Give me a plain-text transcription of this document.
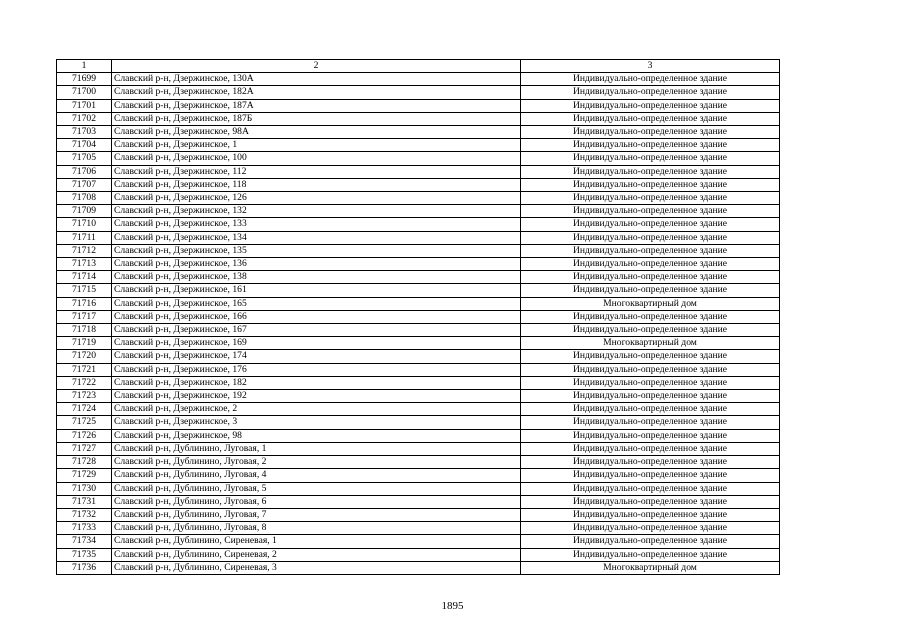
1	2	3
71699	Славский р-н, Дзержинское, 130А	Индивидуально-определенное здание
71700	Славский р-н, Дзержинское, 182А	Индивидуально-определенное здание
71701	Славский р-н, Дзержинское, 187А	Индивидуально-определенное здание
71702	Славский р-н, Дзержинское, 187Б	Индивидуально-определенное здание
71703	Славский р-н, Дзержинское, 98А	Индивидуально-определенное здание
71704	Славский р-н, Дзержинское, 1	Индивидуально-определенное здание
71705	Славский р-н, Дзержинское, 100	Индивидуально-определенное здание
71706	Славский р-н, Дзержинское, 112	Индивидуально-определенное здание
71707	Славский р-н, Дзержинское, 118	Индивидуально-определенное здание
71708	Славский р-н, Дзержинское, 126	Индивидуально-определенное здание
71709	Славский р-н, Дзержинское, 132	Индивидуально-определенное здание
71710	Славский р-н, Дзержинское, 133	Индивидуально-определенное здание
71711	Славский р-н, Дзержинское, 134	Индивидуально-определенное здание
71712	Славский р-н, Дзержинское, 135	Индивидуально-определенное здание
71713	Славский р-н, Дзержинское, 136	Индивидуально-определенное здание
71714	Славский р-н, Дзержинское, 138	Индивидуально-определенное здание
71715	Славский р-н, Дзержинское, 161	Индивидуально-определенное здание
71716	Славский р-н, Дзержинское, 165	Многоквартирный дом
71717	Славский р-н, Дзержинское, 166	Индивидуально-определенное здание
71718	Славский р-н, Дзержинское, 167	Индивидуально-определенное здание
71719	Славский р-н, Дзержинское, 169	Многоквартирный дом
71720	Славский р-н, Дзержинское, 174	Индивидуально-определенное здание
71721	Славский р-н, Дзержинское, 176	Индивидуально-определенное здание
71722	Славский р-н, Дзержинское, 182	Индивидуально-определенное здание
71723	Славский р-н, Дзержинское, 192	Индивидуально-определенное здание
71724	Славский р-н, Дзержинское, 2	Индивидуально-определенное здание
71725	Славский р-н, Дзержинское, 3	Индивидуально-определенное здание
71726	Славский р-н, Дзержинское, 98	Индивидуально-определенное здание
71727	Славский р-н, Дублинино, Луговая, 1	Индивидуально-определенное здание
71728	Славский р-н, Дублинино, Луговая, 2	Индивидуально-определенное здание
71729	Славский р-н, Дублинино, Луговая, 4	Индивидуально-определенное здание
71730	Славский р-н, Дублинино, Луговая, 5	Индивидуально-определенное здание
71731	Славский р-н, Дублинино, Луговая, 6	Индивидуально-определенное здание
71732	Славский р-н, Дублинино, Луговая, 7	Индивидуально-определенное здание
71733	Славский р-н, Дублинино, Луговая, 8	Индивидуально-определенное здание
71734	Славский р-н, Дублинино, Сиреневая, 1	Индивидуально-определенное здание
71735	Славский р-н, Дублинино, Сиреневая, 2	Индивидуально-определенное здание
71736	Славский р-н, Дублинино, Сиреневая, 3	Многоквартирный дом
1895
